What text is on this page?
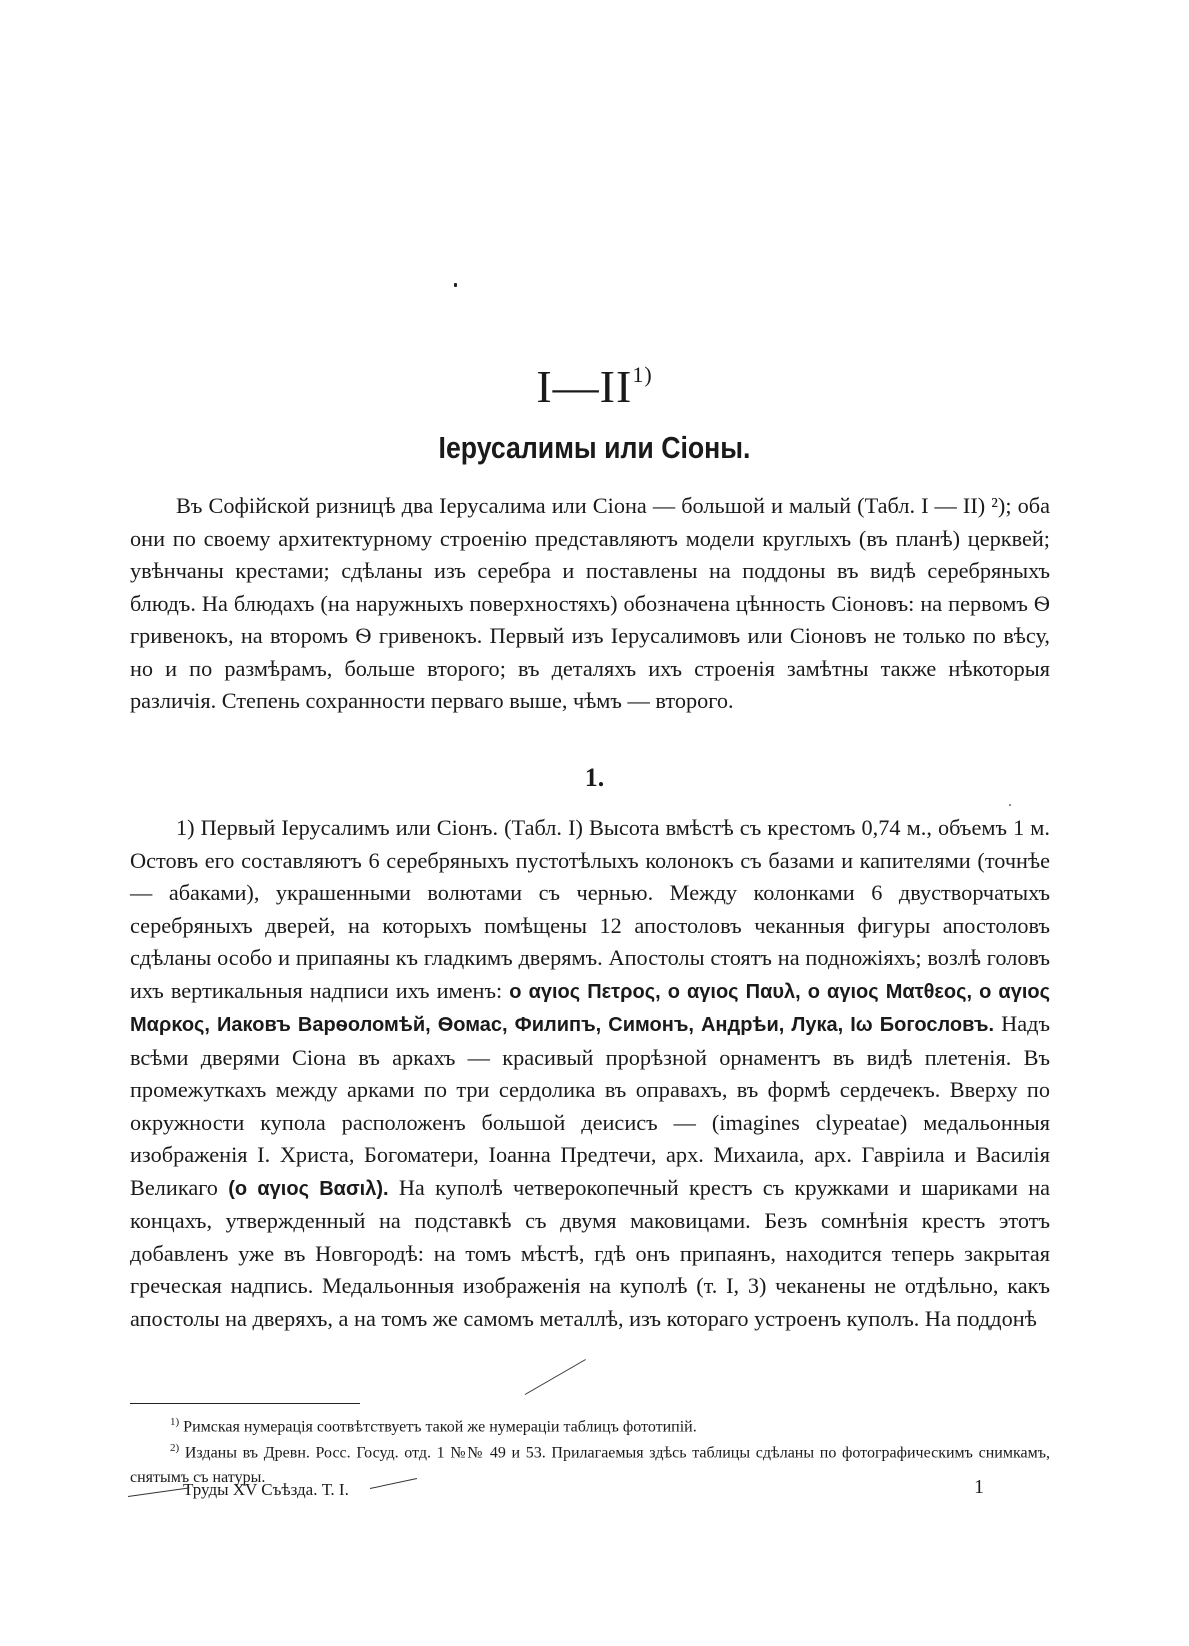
I—II$^{1)}$
Іерусалимы или Сіоны.

Въ Софійской ризницѣ два Іерусалима или Сіона — большой и малый (Табл. I — II) ²); оба они по своему архитектурному строенію представляютъ модели круглыхъ (въ планѣ) церквей; увѣнчаны крестами; сдѣланы изъ серебра и поставлены на поддоны въ видѣ серебряныхъ блюдъ. На блюдахъ (на наружныхъ поверхностяхъ) обозначена цѣнность Сіоновъ: на первомъ Ѳ гривенокъ, на второмъ Ѳ гривенокъ. Первый изъ Іерусалимовъ или Сіоновъ не только по вѣсу, но и по размѣрамъ, больше второго; въ деталяхъ ихъ строенія замѣтны также нѣкоторыя различія. Степень сохранности перваго выше, чѣмъ — второго.

1.

1) Первый Іерусалимъ или Сіонъ. (Табл. I) Высота вмѣстѣ съ крестомъ 0,74 м., объемъ 1 м. Остовъ его составляютъ 6 серебряныхъ пустотѣлыхъ колонокъ съ базами и капителями (точнѣе — абаками), украшенными волютами съ чернью. Между колонками 6 двустворчатыхъ серебряныхъ дверей, на которыхъ помѣщены 12 апостоловъ чеканныя фигуры апостоловъ сдѣланы особо и припаяны къ гладкимъ дверямъ. Апостолы стоятъ на подножіяхъ; возлѣ головъ ихъ вертикальныя надписи ихъ именъ: ο αγιος Πετρος, ο αγιος Παυλ, ο αγιος Ματθεος, ο αγιος Μαρκος, Иаковъ Варѳоломѣй, Ѳомас, Филипъ, Симонъ, Андрѣи, Лука, Іω Богословъ. Надъ всѣми дверями Сіона въ аркахъ — красивый прорѣзной орнаментъ въ видѣ плетенія. Въ промежуткахъ между арками по три сердолика въ оправахъ, въ формѣ сердечекъ. Вверху по окружности купола расположенъ большой деисисъ — (imagines clypeatae) медальонныя изображенія І. Христа, Богоматери, Іоанна Предтечи, арх. Михаила, арх. Гавріила и Василія Великаго (ο αγιος Βασιλ). На куполѣ четверокопечный крестъ съ кружками и шариками на концахъ, утвержденный на подставкѣ съ двумя маковицами. Безъ сомнѣнія крестъ этотъ добавленъ уже въ Новгородѣ: на томъ мѣстѣ, гдѣ онъ припаянъ, находится теперь закрытая греческая надпись. Медальонныя изображенія на куполѣ (т. I, 3) чеканены не отдѣльно, какъ апостолы на дверяхъ, а на томъ же самомъ металлѣ, изъ котораго устроенъ куполъ. На поддонѣ

$^{1)}$ Римская нумерація соотвѣтствуетъ такой же нумераціи таблицъ фототипій.

$^{2)}$ Изданы въ Древн. Росс. Госуд. отд. 1 №№ 49 и 53. Прилагаемыя здѣсь таблицы сдѣланы по фотографическимъ снимкамъ, снятымъ съ натуры.

Труды XV Съѣзда. Т. I.	1
